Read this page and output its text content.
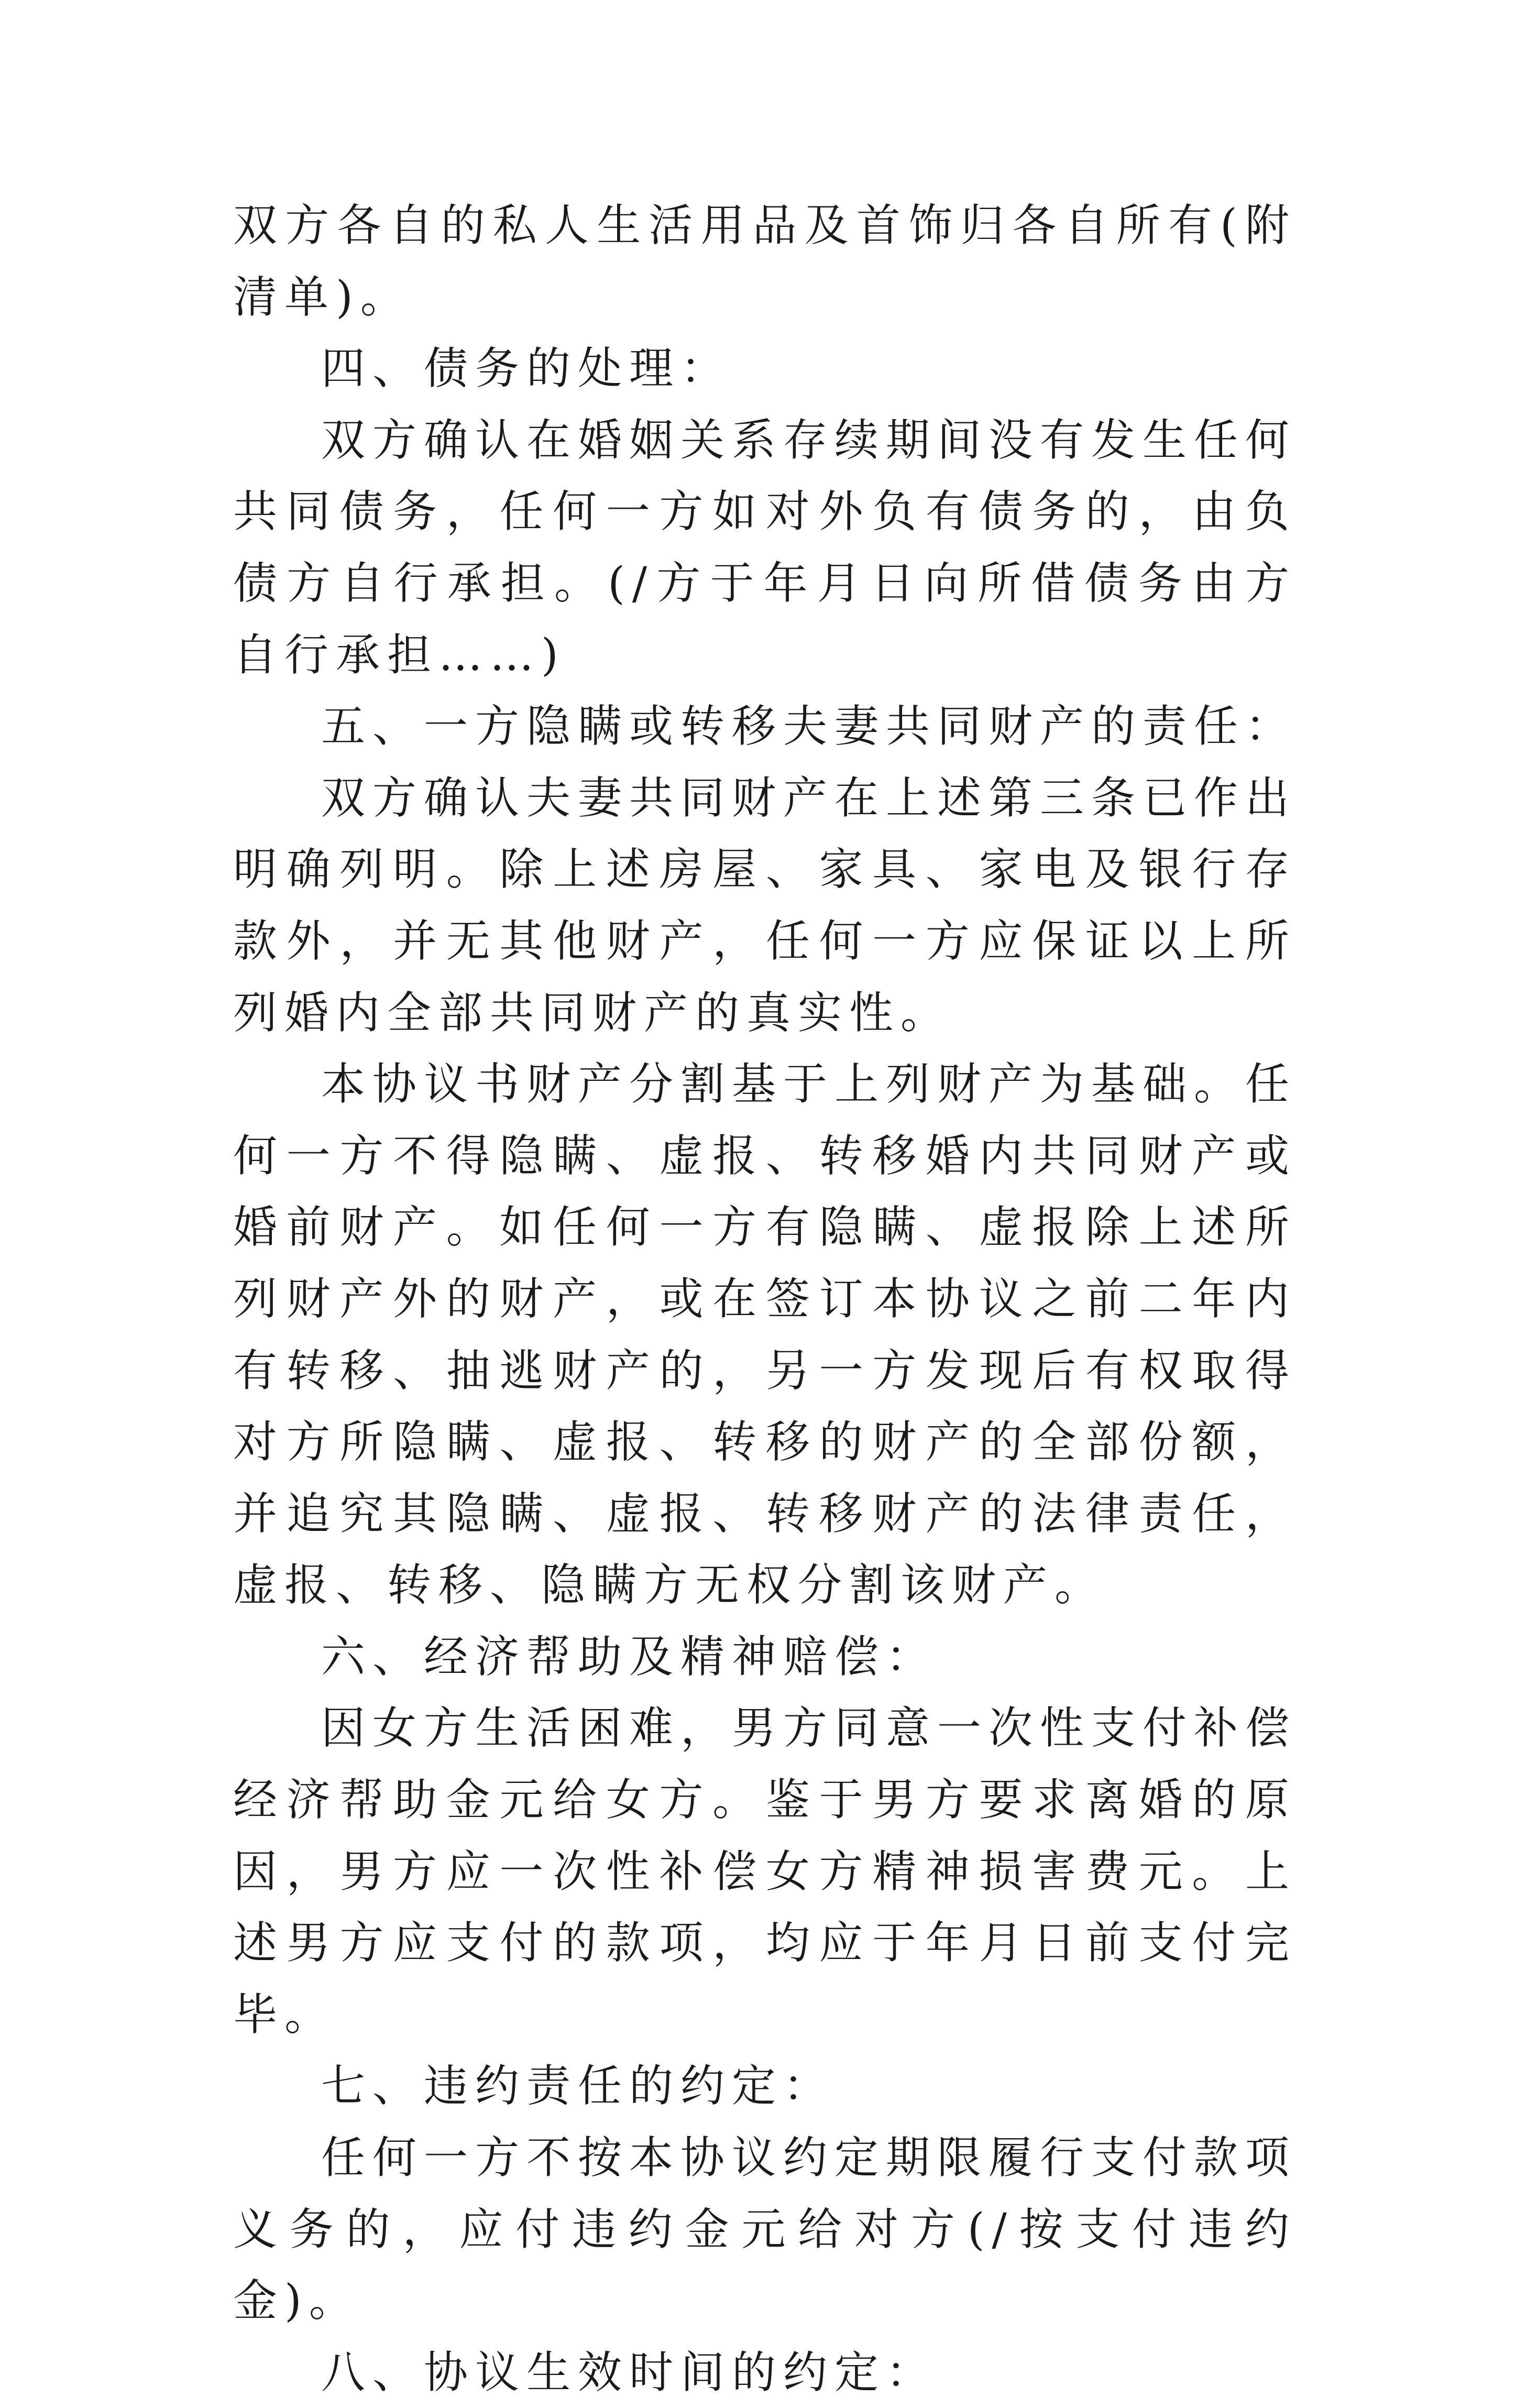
双方各自的私人生活用品及首饰归各自所有(附清单)。

四、债务的处理：

双方确认在婚姻关系存续期间没有发生任何共同债务，任何一方如对外负有债务的，由负债方自行承担。(/方于年月日向所借债务由方自行承担……)

五、一方隐瞒或转移夫妻共同财产的责任：

双方确认夫妻共同财产在上述第三条已作出明确列明。除上述房屋、家具、家电及银行存款外，并无其他财产，任何一方应保证以上所列婚内全部共同财产的真实性。

本协议书财产分割基于上列财产为基础。任何一方不得隐瞒、虚报、转移婚内共同财产或婚前财产。如任何一方有隐瞒、虚报除上述所列财产外的财产，或在签订本协议之前二年内有转移、抽逃财产的，另一方发现后有权取得对方所隐瞒、虚报、转移的财产的全部份额，并追究其隐瞒、虚报、转移财产的法律责任，虚报、转移、隐瞒方无权分割该财产。

六、经济帮助及精神赔偿：

因女方生活困难，男方同意一次性支付补偿经济帮助金元给女方。鉴于男方要求离婚的原因，男方应一次性补偿女方精神损害费元。上述男方应支付的款项，均应于年月日前支付完毕。

七、违约责任的约定：

任何一方不按本协议约定期限履行支付款项义务的，应付违约金元给对方(/按支付违约金)。

八、协议生效时间的约定：
